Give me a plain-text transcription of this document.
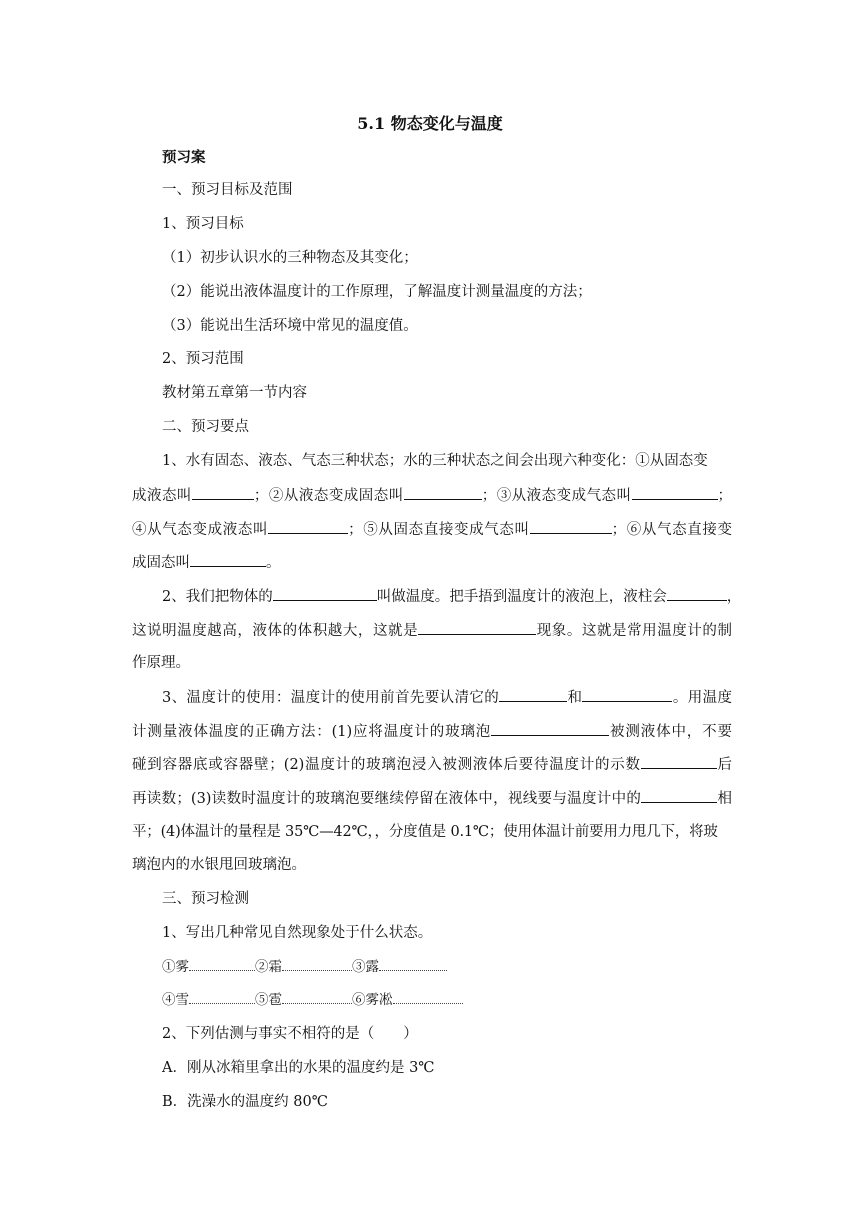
5.1 物态变化与温度
预习案
一、预习目标及范围
1、预习目标
（1）初步认识水的三种物态及其变化；
（2）能说出液体温度计的工作原理，了解温度计测量温度的方法；
（3）能说出生活环境中常见的温度值。
2、预习范围
教材第五章第一节内容
二、预习要点
1、水有固态、液态、气态三种状态；水的三种状态之间会出现六种变化：①从固态变
成液态叫	；②从液态变成固态叫	；③从液态变成气态叫	；
④从气态变成液态叫	；⑤从固态直接变成气态叫	；⑥从气态直接变
成固态叫	。
2、我们把物体的	叫做温度。把手捂到温度计的液泡上，液柱会	，
这说明温度越高，液体的体积越大，这就是	现象。这就是常用温度计的制
作原理。
3、温度计的使用：温度计的使用前首先要认清它的	和	。用温度
计测量液体温度的正确方法：(1)应将温度计的玻璃泡	被测液体中，不要
碰到容器底或容器壁；(2)温度计的玻璃泡浸入被测液体后要待温度计的示数	后
再读数；(3)读数时温度计的玻璃泡要继续停留在液体中，视线要与温度计中的	相
平；(4)体温计的量程是 35℃—42℃，，分度值是 0.1℃；使用体温计前要用力甩几下，将玻
璃泡内的水银甩回玻璃泡。
三、预习检测
1、写出几种常见自然现象处于什么状态。
①雾	②霜	③露
④雪	⑤雹	⑥雾凇
2、下列估测与事实不相符的是（　　）
A．刚从冰箱里拿出的水果的温度约是 3℃
B．洗澡水的温度约 80℃
